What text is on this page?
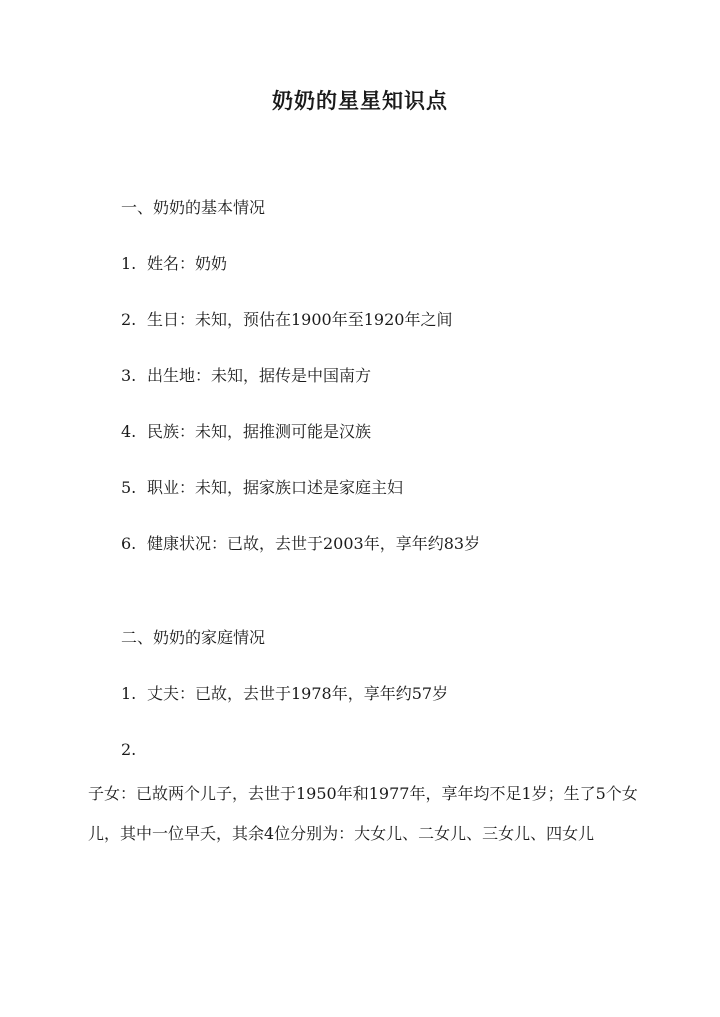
奶奶的星星知识点
一、奶奶的基本情况
1. 姓名：奶奶
2. 生日：未知，预估在1900年至1920年之间
3. 出生地：未知，据传是中国南方
4. 民族：未知，据推测可能是汉族
5. 职业：未知，据家族口述是家庭主妇
6. 健康状况：已故，去世于2003年，享年约83岁
二、奶奶的家庭情况
1. 丈夫：已故，去世于1978年，享年约57岁
2.
子女：已故两个儿子，去世于1950年和1977年，享年均不足1岁；生了5个女儿，其中一位早夭，其余4位分别为：大女儿、二女儿、三女儿、四女儿
